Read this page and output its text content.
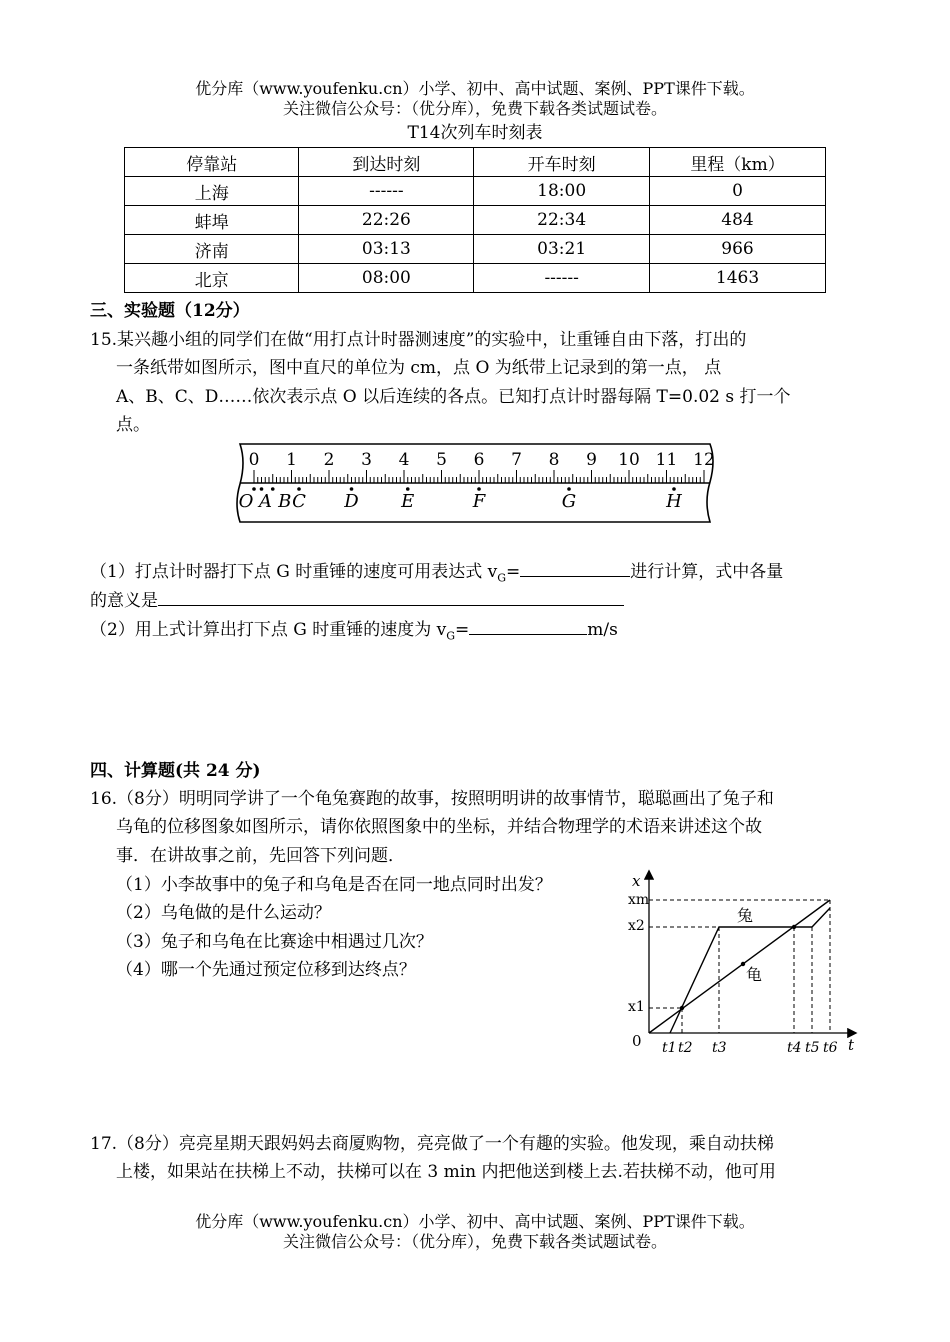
优分库（www.youfenku.cn）小学、初中、高中试题、案例、PPT课件下载。
关注微信公众号：（优分库），免费下载各类试题试卷。
T14次列车时刻表
停靠站	到达时刻	开车时刻	里程（km）
上海	------	18:00	0
蚌埠	22:26	22:34	484
济南	03:13	03:21	966
北京	08:00	------	1463
三、实验题（12分）
15.某兴趣小组的同学们在做“用打点计时器测速度”的实验中，让重锤自由下落，打出的
一条纸带如图所示，图中直尺的单位为 cm，点 O 为纸带上记录到的第一点， 点
A、B、C、D……依次表示点 O 以后连续的各点。已知打点计时器每隔 T=0.02 s 打一个
点。
0 1 2 3 4 5 6 7 8 9 10 11 12
O A B C D E	F	G	H
（1）打点计时器打下点 G 时重锤的速度可用表达式 $v_G=$	进行计算，式中各量
的意义是
（2）用上式计算出打下点 G 时重锤的速度为 $v_G=$	m/s
四、计算题(共 24 分)
16.（8分）明明同学讲了一个龟兔赛跑的故事，按照明明讲的故事情节，聪聪画出了兔子和
乌龟的位移图象如图所示，请你依照图象中的坐标，并结合物理学的术语来讲述这个故
事．在讲故事之前，先回答下列问题．
（1）小李故事中的兔子和乌龟是否在同一地点同时出发？
（2）乌龟做的是什么运动？
（3）兔子和乌龟在比赛途中相遇过几次？
（4）哪一个先通过预定位移到达终点？
x
t
0
xm
x2
x1
兔
龟
t1 t2 t3	t4 t5 t6
17.（8分）亮亮星期天跟妈妈去商厦购物，亮亮做了一个有趣的实验。他发现，乘自动扶梯
上楼，如果站在扶梯上不动，扶梯可以在 3 min 内把他送到楼上去.若扶梯不动，他可用
优分库（www.youfenku.cn）小学、初中、高中试题、案例、PPT课件下载。
关注微信公众号：（优分库），免费下载各类试题试卷。
